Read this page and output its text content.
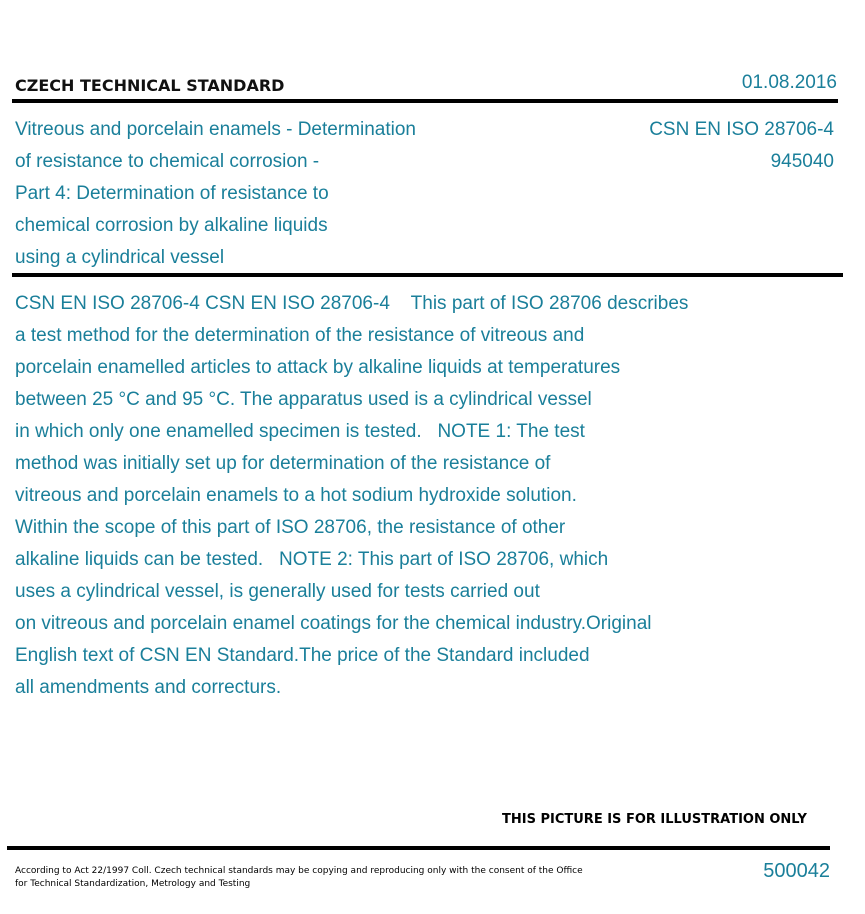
CZECH TECHNICAL STANDARD	01.08.2016
Vitreous and porcelain enamels - Determination
of resistance to chemical corrosion -
Part 4: Determination of resistance to
chemical corrosion by alkaline liquids
using a cylindrical vessel
CSN EN ISO 28706-4
945040
CSN EN ISO 28706-4 CSN EN ISO 28706-4    This part of ISO 28706 describes
a test method for the determination of the resistance of vitreous and
porcelain enamelled articles to attack by alkaline liquids at temperatures
between 25 °C and 95 °C. The apparatus used is a cylindrical vessel
in which only one enamelled specimen is tested.   NOTE 1: The test
method was initially set up for determination of the resistance of
vitreous and porcelain enamels to a hot sodium hydroxide solution.
Within the scope of this part of ISO 28706, the resistance of other
alkaline liquids can be tested.   NOTE 2: This part of ISO 28706, which
uses a cylindrical vessel, is generally used for tests carried out
on vitreous and porcelain enamel coatings for the chemical industry.Original
English text of CSN EN Standard.The price of the Standard included
all amendments and correcturs.
THIS PICTURE IS FOR ILLUSTRATION ONLY
According to Act 22/1997 Coll. Czech technical standards may be copying and reproducing only with the consent of the Office
for Technical Standardization, Metrology and Testing
500042
